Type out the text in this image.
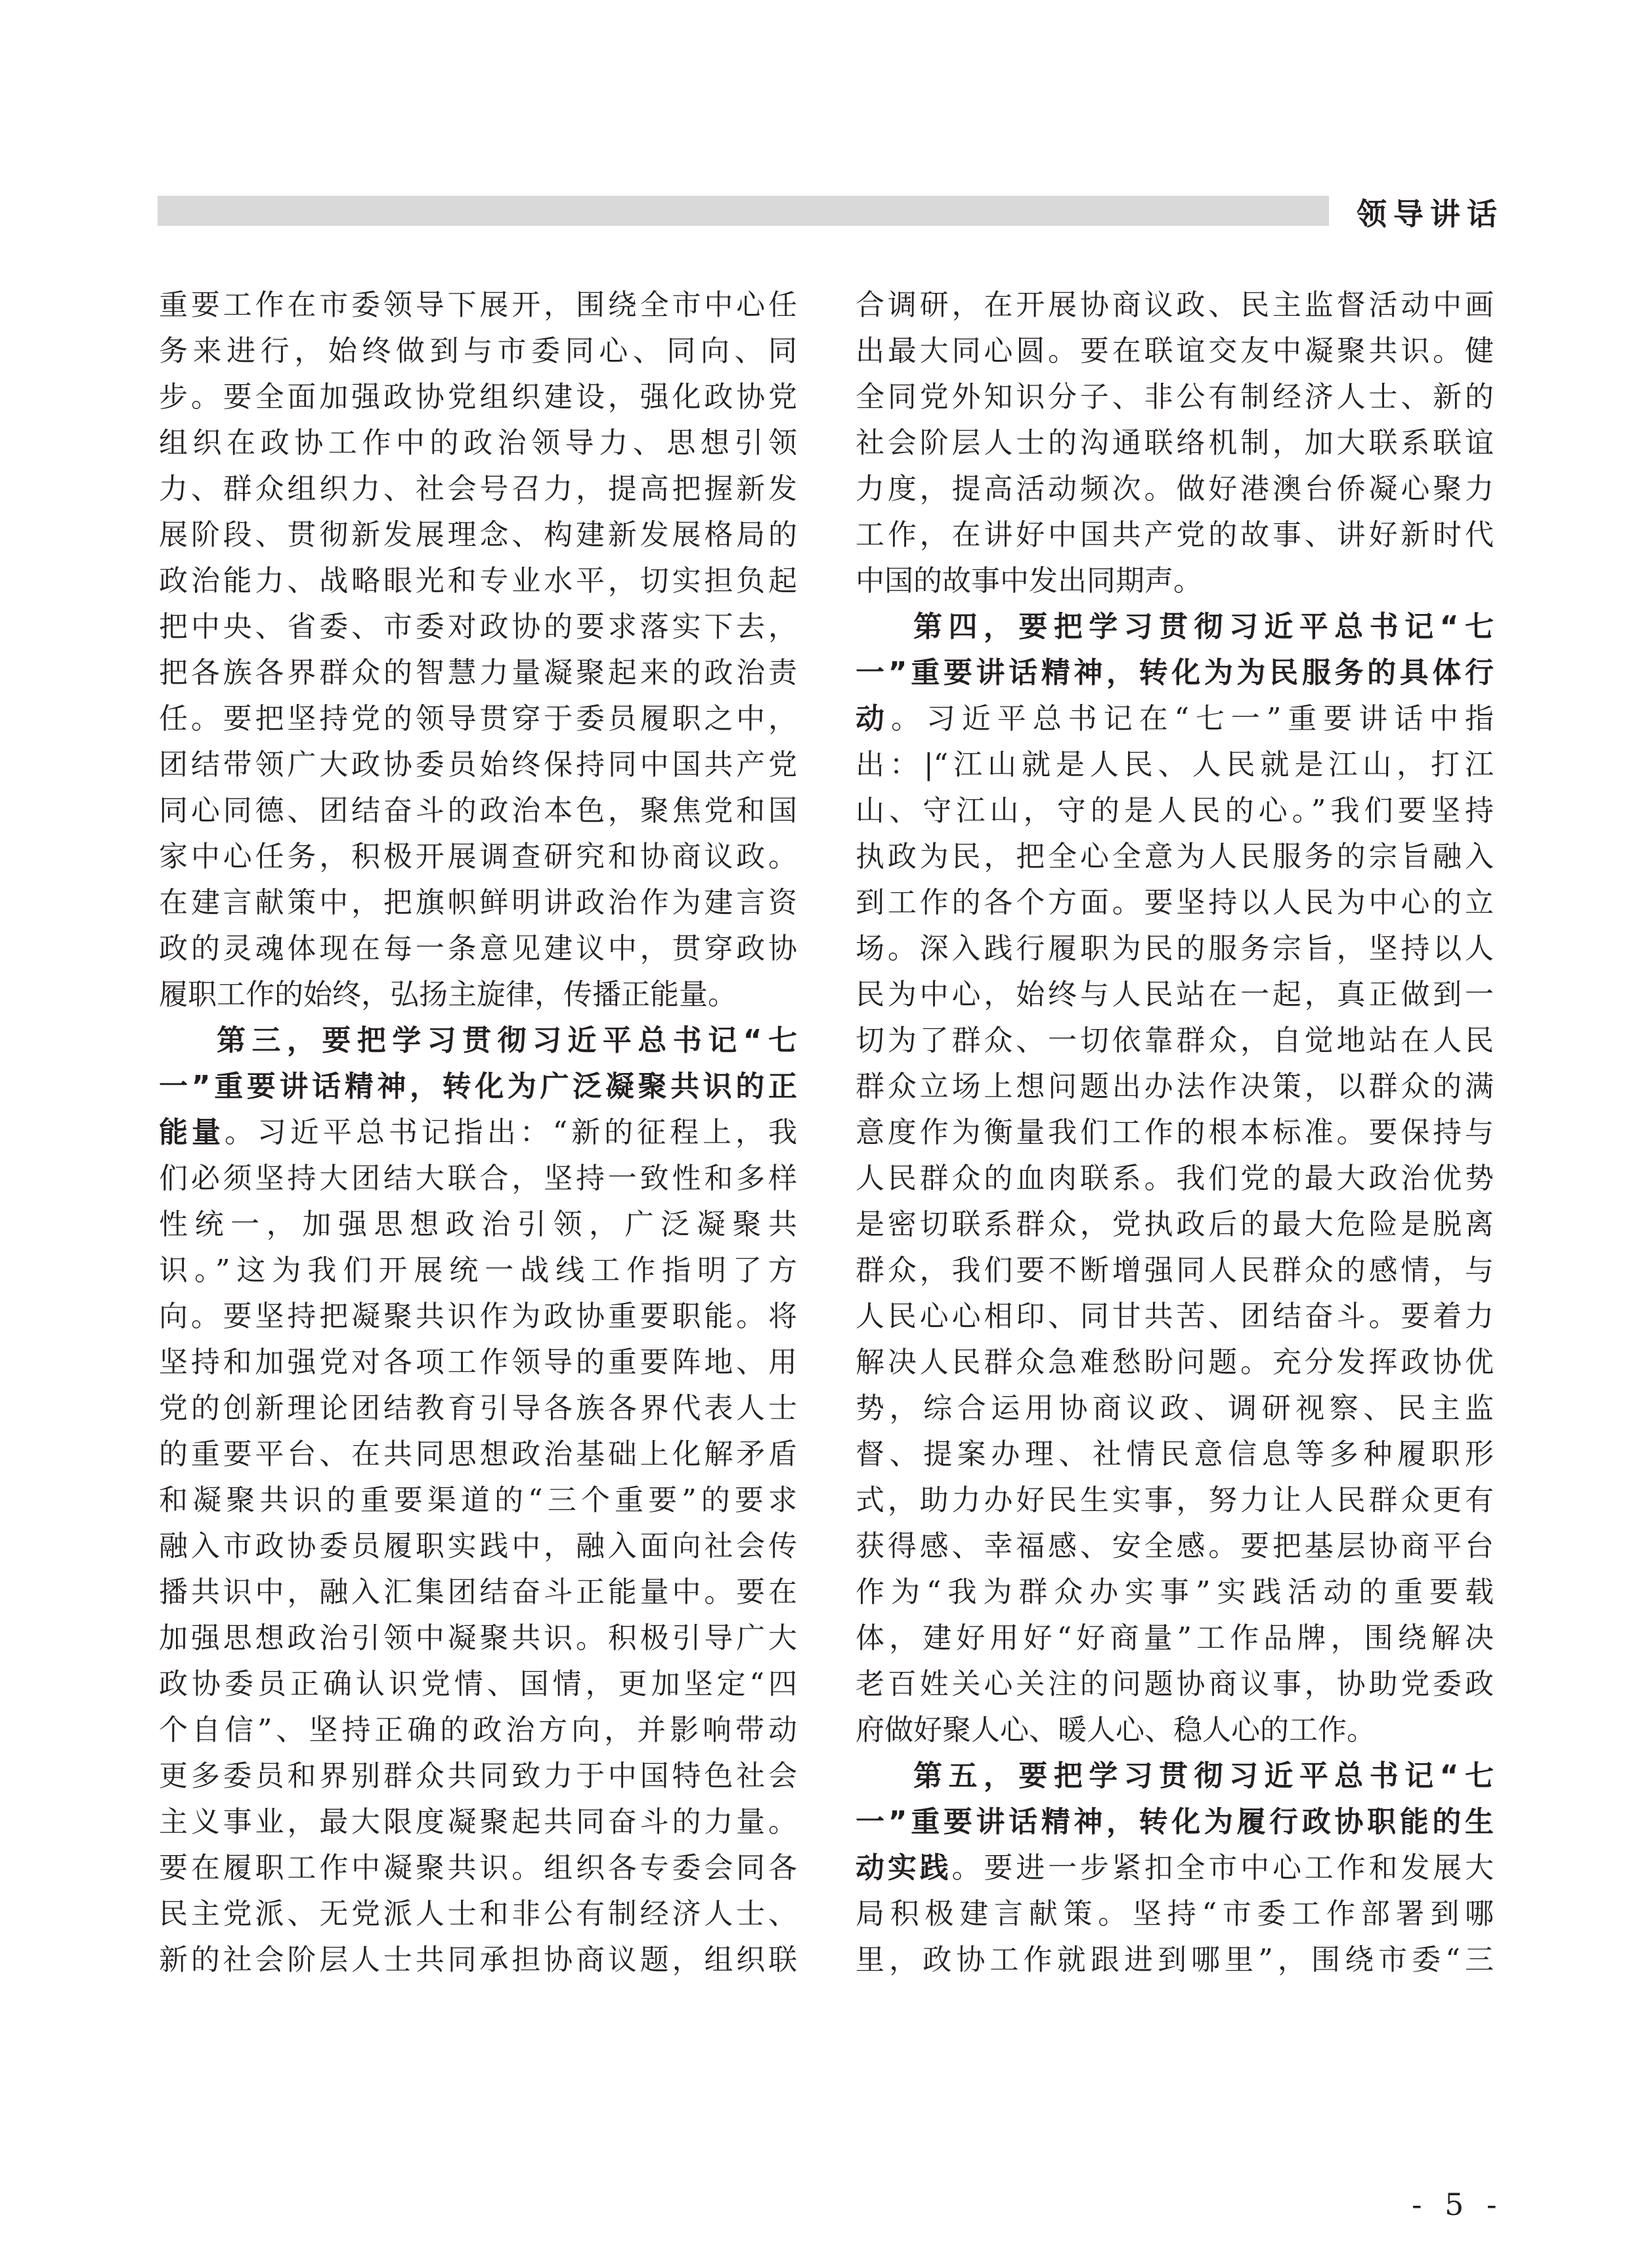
领导讲话
重要工作在市委领导下展开，围绕全市中心任
务来进行，始终做到与市委同心、同向、同
步。要全面加强政协党组织建设，强化政协党
组织在政协工作中的政治领导力、思想引领
力、群众组织力、社会号召力，提高把握新发
展阶段、贯彻新发展理念、构建新发展格局的
政治能力、战略眼光和专业水平，切实担负起
把中央、省委、市委对政协的要求落实下去，
把各族各界群众的智慧力量凝聚起来的政治责
任。要把坚持党的领导贯穿于委员履职之中，
团结带领广大政协委员始终保持同中国共产党
同心同德、团结奋斗的政治本色，聚焦党和国
家中心任务，积极开展调查研究和协商议政。
在建言献策中，把旗帜鲜明讲政治作为建言资
政的灵魂体现在每一条意见建议中，贯穿政协
履职工作的始终，弘扬主旋律，传播正能量。
第三，要把学习贯彻习近平总书记“七
一”重要讲话精神，转化为广泛凝聚共识的正
能量。习近平总书记指出：“新的征程上，我
们必须坚持大团结大联合，坚持一致性和多样
性统一，加强思想政治引领，广泛凝聚共
识。”这为我们开展统一战线工作指明了方
向。要坚持把凝聚共识作为政协重要职能。将
坚持和加强党对各项工作领导的重要阵地、用
党的创新理论团结教育引导各族各界代表人士
的重要平台、在共同思想政治基础上化解矛盾
和凝聚共识的重要渠道的“三个重要”的要求
融入市政协委员履职实践中，融入面向社会传
播共识中，融入汇集团结奋斗正能量中。要在
加强思想政治引领中凝聚共识。积极引导广大
政协委员正确认识党情、国情，更加坚定“四
个自信”、坚持正确的政治方向，并影响带动
更多委员和界别群众共同致力于中国特色社会
主义事业，最大限度凝聚起共同奋斗的力量。
要在履职工作中凝聚共识。组织各专委会同各
民主党派、无党派人士和非公有制经济人士、
新的社会阶层人士共同承担协商议题，组织联
合调研，在开展协商议政、民主监督活动中画
出最大同心圆。要在联谊交友中凝聚共识。健
全同党外知识分子、非公有制经济人士、新的
社会阶层人士的沟通联络机制，加大联系联谊
力度，提高活动频次。做好港澳台侨凝心聚力
工作，在讲好中国共产党的故事、讲好新时代
中国的故事中发出同期声。
第四，要把学习贯彻习近平总书记“七
一”重要讲话精神，转化为为民服务的具体行
动。习近平总书记在“七一”重要讲话中指
出：|“江山就是人民、人民就是江山，打江
山、守江山，守的是人民的心。”我们要坚持
执政为民，把全心全意为人民服务的宗旨融入
到工作的各个方面。要坚持以人民为中心的立
场。深入践行履职为民的服务宗旨，坚持以人
民为中心，始终与人民站在一起，真正做到一
切为了群众、一切依靠群众，自觉地站在人民
群众立场上想问题出办法作决策，以群众的满
意度作为衡量我们工作的根本标准。要保持与
人民群众的血肉联系。我们党的最大政治优势
是密切联系群众，党执政后的最大危险是脱离
群众，我们要不断增强同人民群众的感情，与
人民心心相印、同甘共苦、团结奋斗。要着力
解决人民群众急难愁盼问题。充分发挥政协优
势，综合运用协商议政、调研视察、民主监
督、提案办理、社情民意信息等多种履职形
式，助力办好民生实事，努力让人民群众更有
获得感、幸福感、安全感。要把基层协商平台
作为“我为群众办实事”实践活动的重要载
体，建好用好“好商量”工作品牌，围绕解决
老百姓关心关注的问题协商议事，协助党委政
府做好聚人心、暖人心、稳人心的工作。
第五，要把学习贯彻习近平总书记“七
一”重要讲话精神，转化为履行政协职能的生
动实践。要进一步紧扣全市中心工作和发展大
局积极建言献策。坚持“市委工作部署到哪
里，政协工作就跟进到哪里”，围绕市委“三
- 5 -
